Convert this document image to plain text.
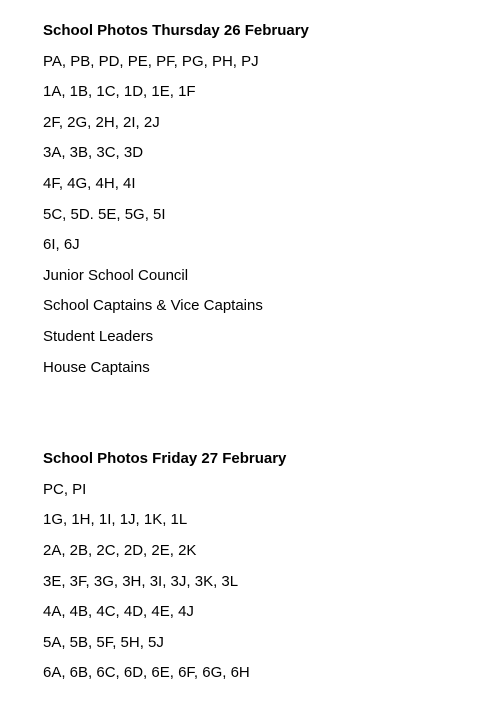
School Photos Thursday 26 February
PA, PB, PD, PE, PF, PG, PH, PJ
1A, 1B, 1C, 1D, 1E, 1F
2F, 2G, 2H, 2I, 2J
3A, 3B, 3C, 3D
4F, 4G, 4H, 4I
5C, 5D. 5E, 5G, 5I
6I, 6J
Junior School Council
School Captains & Vice Captains
Student Leaders
House Captains
School Photos Friday 27 February
PC, PI
1G, 1H, 1I, 1J, 1K, 1L
2A, 2B, 2C, 2D, 2E, 2K
3E, 3F, 3G, 3H, 3I, 3J, 3K, 3L
4A, 4B, 4C, 4D, 4E, 4J
5A, 5B, 5F, 5H, 5J
6A, 6B, 6C, 6D, 6E, 6F, 6G, 6H
